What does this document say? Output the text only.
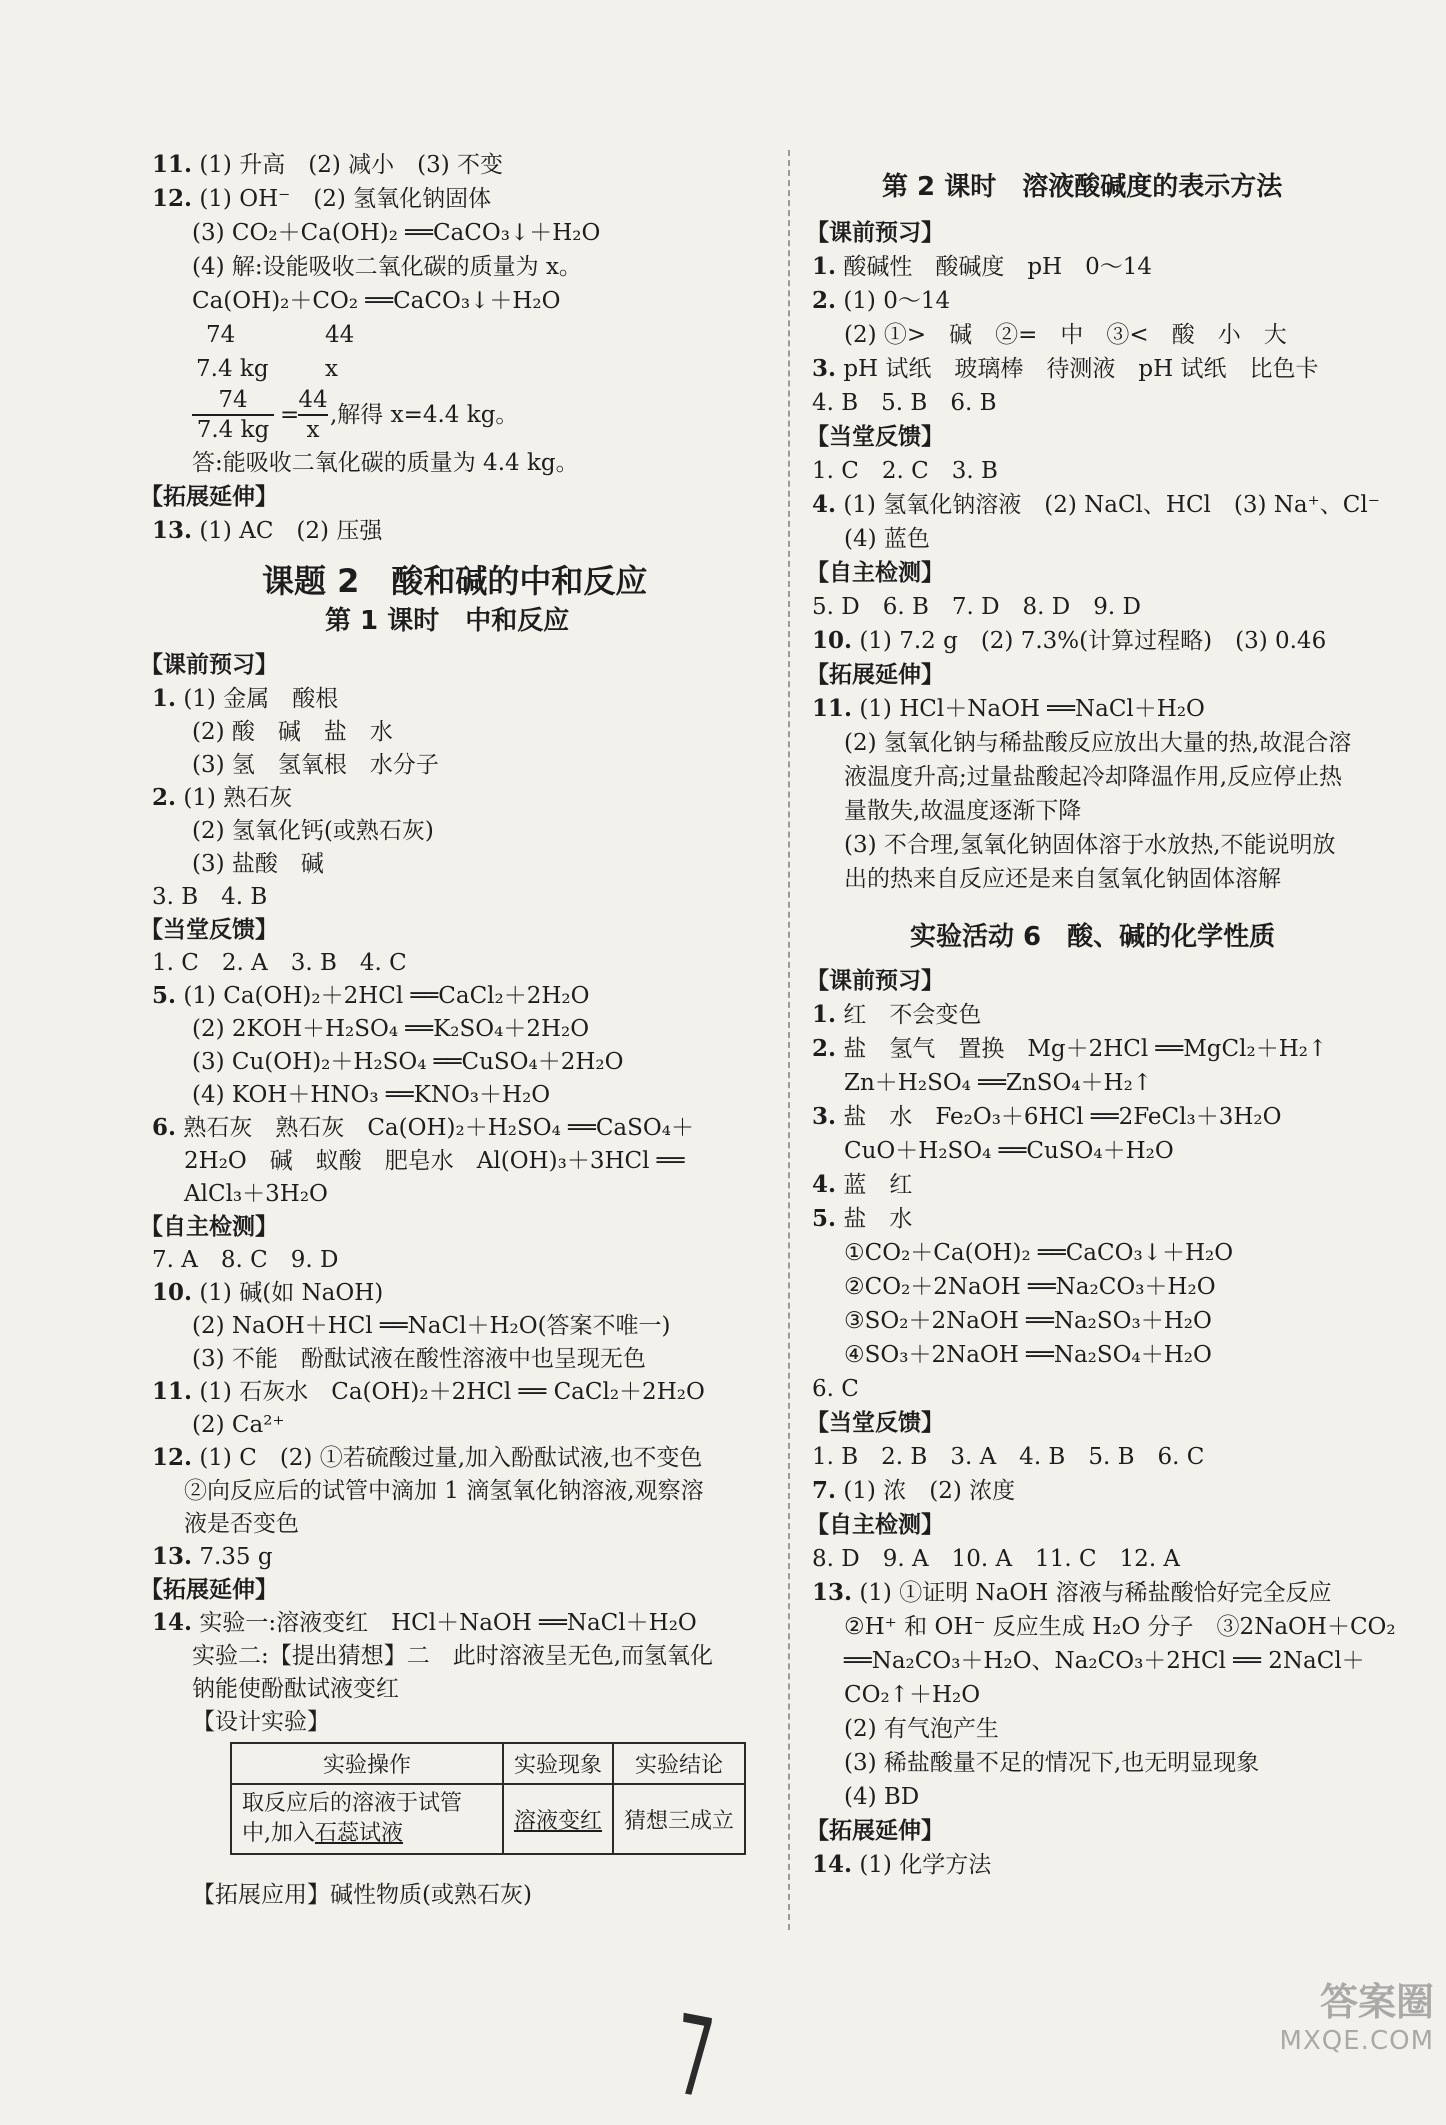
11. (1) 升高　(2) 减小　(3) 不变
12. (1) OH⁻　(2) 氢氧化钠固体
(3) CO₂＋Ca(OH)₂ ══CaCO₃↓＋H₂O
(4) 解:设能吸收二氧化碳的质量为 x。
Ca(OH)₂＋CO₂ ══CaCO₃↓＋H₂O
74	44
7.4 kg x
$\frac{74}{7.4 kg}$ =
$\frac{44}{x}$ ,解得 x=4.4 kg。
答:能吸收二氧化碳的质量为 4.4 kg。
【拓展延伸】
13. (1) AC　(2) 压强
课题 2　酸和碱的中和反应
第 1 课时　中和反应
【课前预习】
1. (1) 金属　酸根
(2) 酸　碱　盐　水
(3) 氢　氢氧根　水分子
2. (1) 熟石灰
(2) 氢氧化钙(或熟石灰)
(3) 盐酸　碱
3. B　4. B
【当堂反馈】
1. C　2. A　3. B　4. C
5. (1) Ca(OH)₂＋2HCl ══CaCl₂＋2H₂O
(2) 2KOH＋H₂SO₄ ══K₂SO₄＋2H₂O
(3) Cu(OH)₂＋H₂SO₄ ══CuSO₄＋2H₂O
(4) KOH＋HNO₃ ══KNO₃＋H₂O
6. 熟石灰　熟石灰　Ca(OH)₂＋H₂SO₄ ══CaSO₄＋
2H₂O　碱　蚁酸　肥皂水　Al(OH)₃＋3HCl ══
AlCl₃＋3H₂O
【自主检测】
7. A　8. C　9. D
10. (1) 碱(如 NaOH)
(2) NaOH＋HCl ══NaCl＋H₂O(答案不唯一)
(3) 不能　酚酞试液在酸性溶液中也呈现无色
11. (1) 石灰水　Ca(OH)₂＋2HCl ══ CaCl₂＋2H₂O
(2) Ca²⁺
12. (1) C　(2) ①若硫酸过量,加入酚酞试液,也不变色
②向反应后的试管中滴加 1 滴氢氧化钠溶液,观察溶
液是否变色
13. 7.35 g
【拓展延伸】
14. 实验一:溶液变红　HCl＋NaOH ══NaCl＋H₂O
实验二:【提出猜想】二　此时溶液呈无色,而氢氧化
钠能使酚酞试液变红
【设计实验】
实验操作	实验现象	实验结论
取反应后的溶液于试管
中,加入石蕊试液	溶液变红	猜想三成立
【拓展应用】碱性物质(或熟石灰)
第 2 课时　溶液酸碱度的表示方法
【课前预习】
1. 酸碱性　酸碱度　pH　0～14
2. (1) 0～14
(2) ①>　碱　②=　中　③<　酸　小　大
3. pH 试纸　玻璃棒　待测液　pH 试纸　比色卡
4. B　5. B　6. B
【当堂反馈】
1. C　2. C　3. B
4. (1) 氢氧化钠溶液　(2) NaCl、HCl　(3) Na⁺、Cl⁻
(4) 蓝色
【自主检测】
5. D　6. B　7. D　8. D　9. D
10. (1) 7.2 g　(2) 7.3%(计算过程略)　(3) 0.46
【拓展延伸】
11. (1) HCl＋NaOH ══NaCl＋H₂O
(2) 氢氧化钠与稀盐酸反应放出大量的热,故混合溶
液温度升高;过量盐酸起冷却降温作用,反应停止热
量散失,故温度逐渐下降
(3) 不合理,氢氧化钠固体溶于水放热,不能说明放
出的热来自反应还是来自氢氧化钠固体溶解
实验活动 6　酸、碱的化学性质
【课前预习】
1. 红　不会变色
2. 盐　氢气　置换　Mg＋2HCl ══MgCl₂＋H₂↑
Zn＋H₂SO₄ ══ZnSO₄＋H₂↑
3. 盐　水　Fe₂O₃＋6HCl ══2FeCl₃＋3H₂O
CuO＋H₂SO₄ ══CuSO₄＋H₂O
4. 蓝　红
5. 盐　水
①CO₂＋Ca(OH)₂ ══CaCO₃↓＋H₂O
②CO₂＋2NaOH ══Na₂CO₃＋H₂O
③SO₂＋2NaOH ══Na₂SO₃＋H₂O
④SO₃＋2NaOH ══Na₂SO₄＋H₂O
6. C
【当堂反馈】
1. B　2. B　3. A　4. B　5. B　6. C
7. (1) 浓　(2) 浓度
【自主检测】
8. D　9. A　10. A　11. C　12. A
13. (1) ①证明 NaOH 溶液与稀盐酸恰好完全反应
②H⁺ 和 OH⁻ 反应生成 H₂O 分子　③2NaOH＋CO₂
══Na₂CO₃＋H₂O、Na₂CO₃＋2HCl ══ 2NaCl＋
CO₂↑＋H₂O
(2) 有气泡产生
(3) 稀盐酸量不足的情况下,也无明显现象
(4) BD
【拓展延伸】
14. (1) 化学方法
7	答案圈
MXQE.COM
